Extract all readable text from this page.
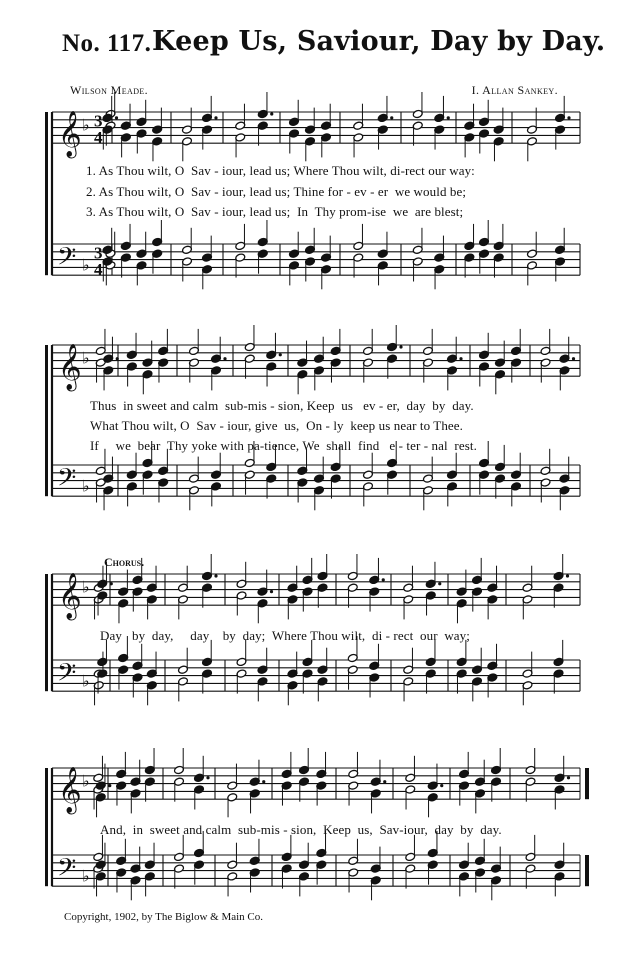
No. 117. Keep Us, Saviour, Day by Day.
Wilson Meade.	I. Allan Sankey.
𝄞
𝄢
♭
♭
3
4
3
4
𝄞
𝄢
♭
♭
𝄞
𝄢
♭
♭
𝄞
𝄢
♭
♭
1. As Thou wilt, O  Sav - iour, lead us; Where Thou wilt, di-rect our way:
2. As Thou wilt, O  Sav - iour, lead us; Thine for - ev - er  we would be;
3. As Thou wilt, O  Sav - iour, lead us;  In  Thy prom-ise  we  are blest;
Thus  in sweet and calm  sub-mis - sion, Keep  us   ev - er,  day  by  day.
What Thou wilt, O  Sav - iour, give  us,  On - ly  keep us near to Thee.
If     we  bear  Thy yoke with pa-tience, We  shall  find   e - ter - nal  rest.
Chorus.
Day   by  day,     day    by  day;  Where Thou wilt,  di - rect  our  way;
And,  in  sweet and calm  sub-mis - sion,  Keep  us,  Sav-iour,  day  by  day.
Copyright, 1902, by The Biglow & Main Co.
